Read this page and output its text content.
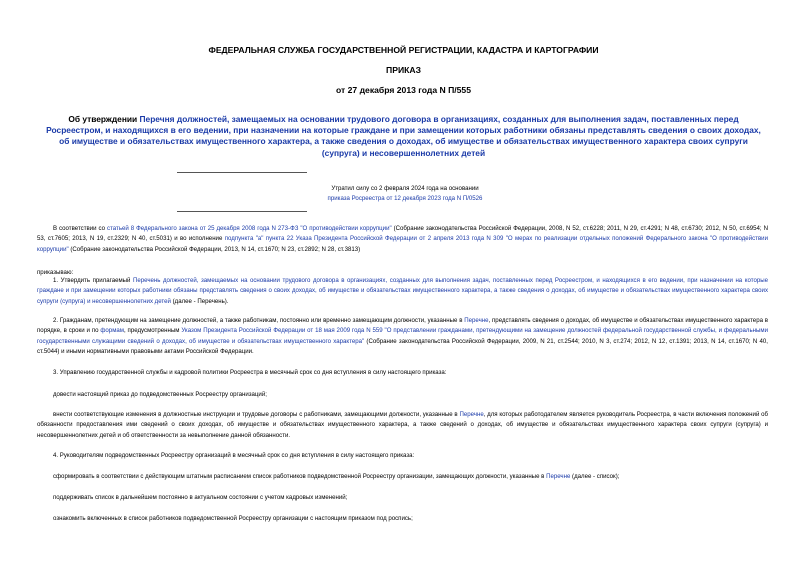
ФЕДЕРАЛЬНАЯ СЛУЖБА ГОСУДАРСТВЕННОЙ РЕГИСТРАЦИИ, КАДАСТРА И КАРТОГРАФИИ

ПРИКАЗ

от 27 декабря 2013 года N П/555

Об утверждении Перечня должностей, замещаемых на основании трудового договора в организациях, созданных для выполнения задач, поставленных перед Росреестром, и находящихся в его ведении, при назначении на которые граждане и при замещении которых работники обязаны представлять сведения о своих доходах, об имуществе и обязательствах имущественного характера, а также сведения о доходах, об имуществе и обязательствах имущественного характера своих супруги (супруга) и несовершеннолетних детей

Утратил силу со 2 февраля 2024 года на основании
приказа Росреестра от 12 декабря 2023 года N П/0526

В соответствии со статьей 8 Федерального закона от 25 декабря 2008 года N 273-ФЗ "О противодействии коррупции" (Собрание законодательства Российской Федерации, 2008, N 52, ст.6228; 2011, N 29, ст.4291; N 48, ст.6730; 2012, N 50, ст.6954; N 53, ст.7605; 2013, N 19, ст.2329; N 40, ст.5031) и во исполнение подпункта "а" пункта 22 Указа Президента Российской Федерации от 2 апреля 2013 года N 309 "О мерах по реализации отдельных положений Федерального закона "О противодействии коррупции" (Собрание законодательства Российской Федерации, 2013, N 14, ст.1670; N 23, ст.2892; N 28, ст.3813)

приказываю:

1. Утвердить прилагаемый Перечень должностей, замещаемых на основании трудового договора в организациях, созданных для выполнения задач, поставленных перед Росреестром, и находящихся в его ведении, при назначении на которые граждане и при замещении которых работники обязаны представлять сведения о своих доходах, об имуществе и обязательствах имущественного характера, а также сведения о доходах, об имуществе и обязательствах имущественного характера своих супруги (супруга) и несовершеннолетних детей (далее - Перечень).

2. Гражданам, претендующим на замещение должностей, а также работникам, постоянно или временно замещающим должности, указанные в Перечне, представлять сведения о доходах, об имуществе и обязательствах имущественного характера в порядке, в сроки и по формам, предусмотренным Указом Президента Российской Федерации от 18 мая 2009 года N 559 "О представлении гражданами, претендующими на замещение должностей федеральной государственной службы, и федеральными государственными служащими сведений о доходах, об имуществе и обязательствах имущественного характера" (Собрание законодательства Российской Федерации, 2009, N 21, ст.2544; 2010, N 3, ст.274; 2012, N 12, ст.1391; 2013, N 14, ст.1670; N 40, ст.5044) и иными нормативными правовыми актами Российской Федерации.

3. Управлению государственной службы и кадровой политики Росреестра в месячный срок со дня вступления в силу настоящего приказа:

довести настоящий приказ до подведомственных Росреестру организаций;

внести соответствующие изменения в должностные инструкции и трудовые договоры с работниками, замещающими должности, указанные в Перечне, для которых работодателем является руководитель Росреестра, в части включения положений об обязанности предоставления ими сведений о своих доходах, об имуществе и обязательствах имущественного характера, а также сведений о доходах, об имуществе и обязательствах имущественного характера своих супруги (супруга) и несовершеннолетних детей и об ответственности за невыполнение данной обязанности.

4. Руководителям подведомственных Росреестру организаций в месячный срок со дня вступления в силу настоящего приказа:

сформировать в соответствии с действующим штатным расписанием список работников подведомственной Росреестру организации, замещающих должности, указанные в Перечне (далее - список);

поддерживать список в дальнейшем постоянно в актуальном состоянии с учетом кадровых изменений;

ознакомить включенных в список работников подведомственной Росреестру организации с настоящим приказом под роспись;
